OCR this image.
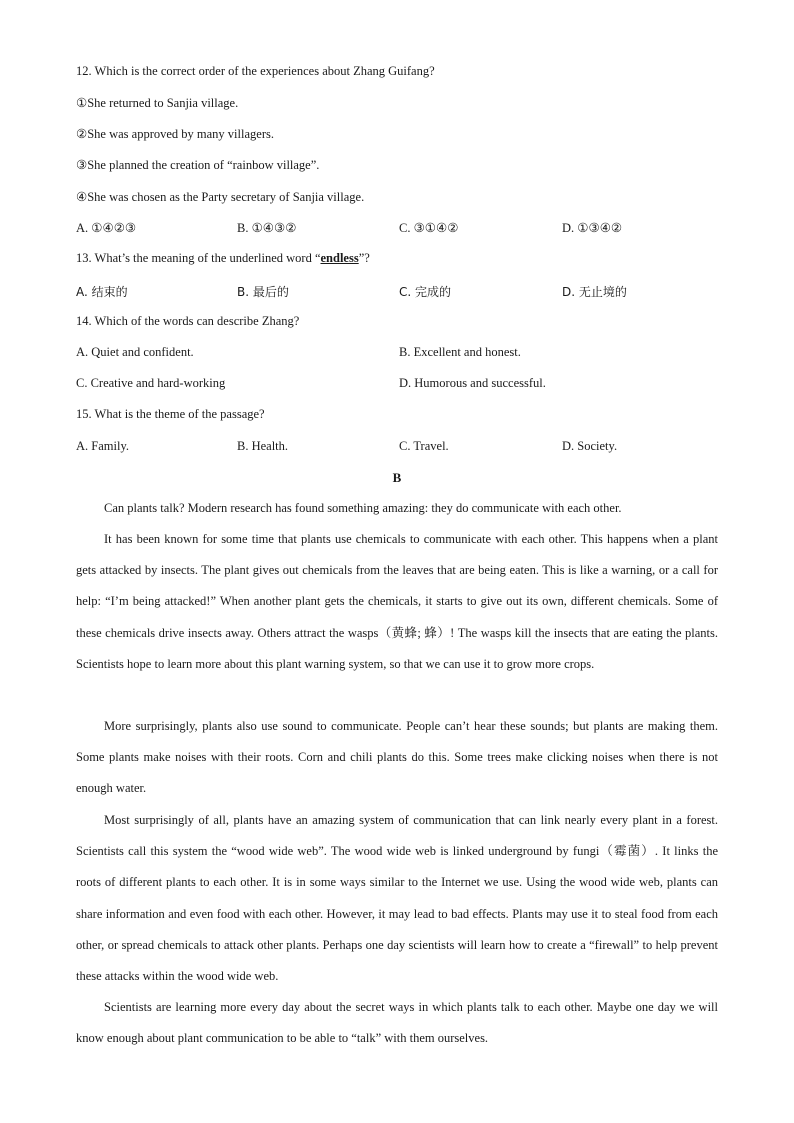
12. Which is the correct order of the experiences about Zhang Guifang?
①She returned to Sanjia village.
②She was approved by many villagers.
③She planned the creation of “rainbow village”.
④She was chosen as the Party secretary of Sanjia village.
A. ①④②③	B. ①④③②	C. ③①④②	D. ①③④②
13. What’s the meaning of the underlined word “endless”?
A. 结束的	B. 最后的	C. 完成的	D. 无止境的
14. Which of the words can describe Zhang?
A. Quiet and confident.	B. Excellent and honest.
C. Creative and hard-working	D. Humorous and successful.
15. What is the theme of the passage?
A. Family.	B. Health.	C. Travel.	D. Society.
B
Can plants talk? Modern research has found something amazing: they do communicate with each other.
It has been known for some time that plants use chemicals to communicate with each other. This happens when a plant gets attacked by insects. The plant gives out chemicals from the leaves that are being eaten. This is like a warning, or a call for help: “I’m being attacked!” When another plant gets the chemicals, it starts to give out its own, different chemicals. Some of these chemicals drive insects away. Others attract the wasps（黄蜂; 蜂）! The wasps kill the insects that are eating the plants. Scientists hope to learn more about this plant warning system, so that we can use it to grow more crops.
More surprisingly, plants also use sound to communicate. People can’t hear these sounds; but plants are making them. Some plants make noises with their roots. Corn and chili plants do this. Some trees make clicking noises when there is not enough water.
Most surprisingly of all, plants have an amazing system of communication that can link nearly every plant in a forest. Scientists call this system the “wood wide web”. The wood wide web is linked underground by fungi（霉菌）. It links the roots of different plants to each other. It is in some ways similar to the Internet we use. Using the wood wide web, plants can share information and even food with each other. However, it may lead to bad effects. Plants may use it to steal food from each other, or spread chemicals to attack other plants. Perhaps one day scientists will learn how to create a “firewall” to help prevent these attacks within the wood wide web.
Scientists are learning more every day about the secret ways in which plants talk to each other. Maybe one day we will know enough about plant communication to be able to “talk” with them ourselves.
